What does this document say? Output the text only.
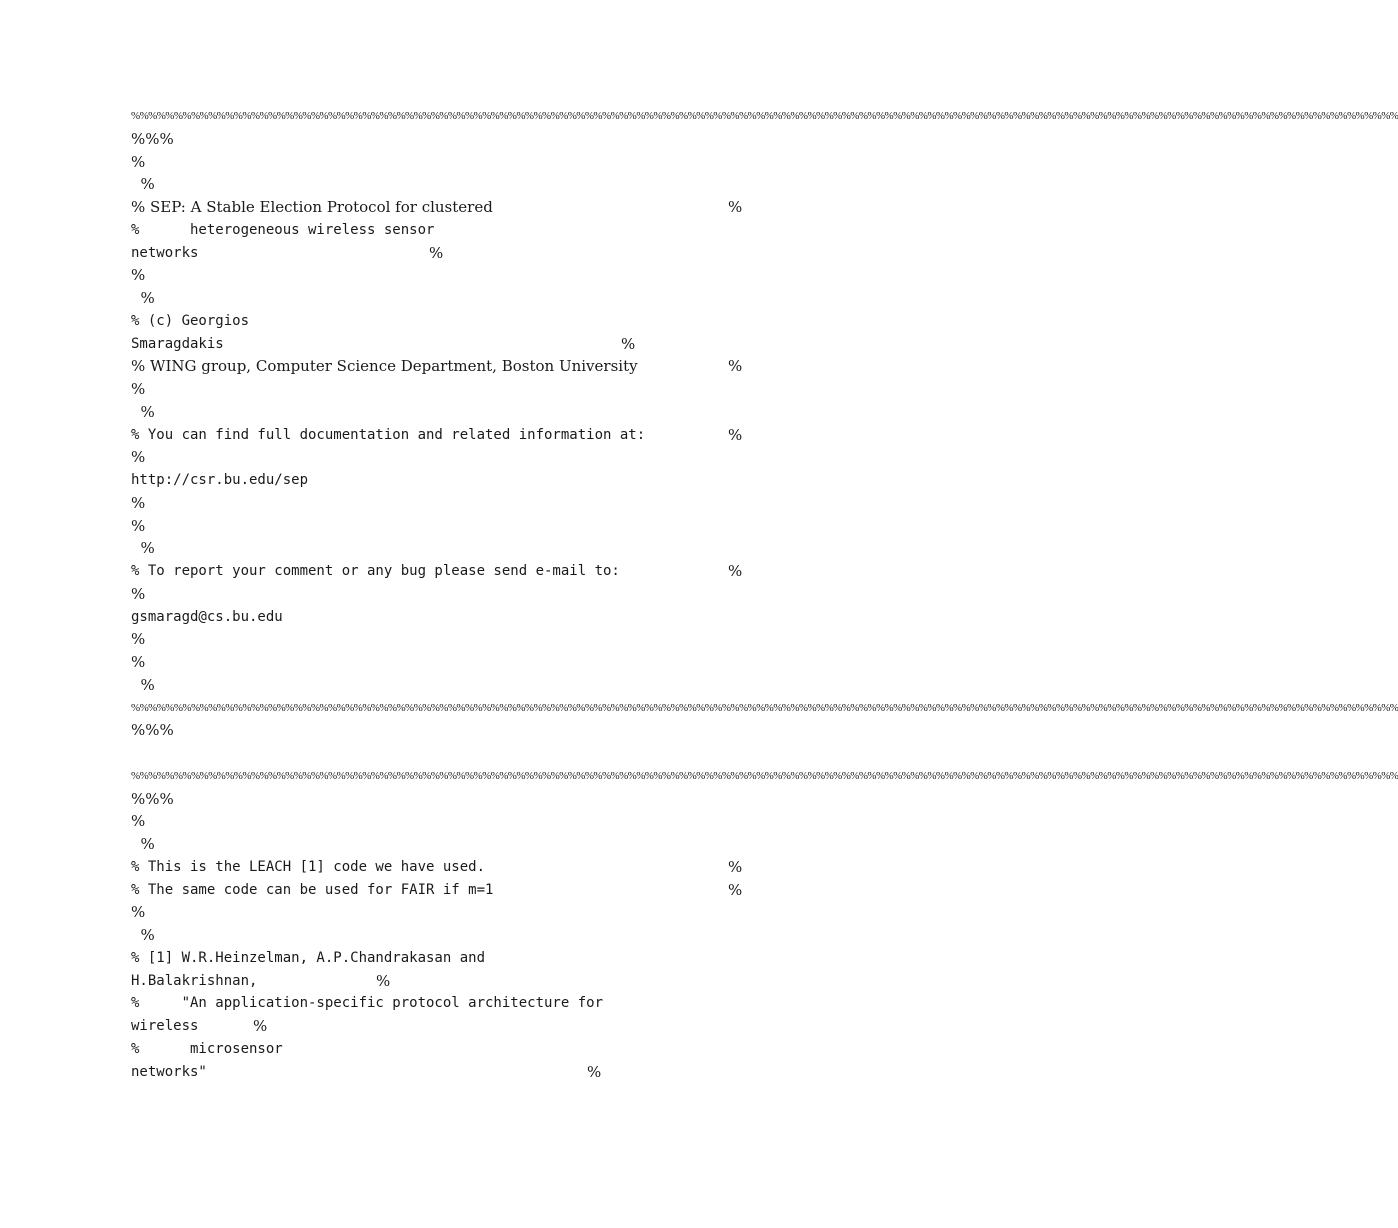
%%%%%%%%%%%%%%%%%%%%%%%%%%%%%%%%%%%%%%%%%%%%%%%%%%%%%%%%%%%%%%%%%%%%%%%%%%%%%%%%%%%%%%%%%%%%%%%%%%%%%%%%%%%%%%%%%%%%%%%%%%%%%%%%%%%%%%%%%%%%%%%%%%%%
%%%
%
%
% SEP: A Stable Election Protocol for clustered	%
%      heterogeneous wireless sensor
networks	%
%
%
% (c) Georgios
Smaragdakis	%
% WING group, Computer Science Department, Boston University	%
%
%
% You can find full documentation and related information at:	%
%
http://csr.bu.edu/sep
%
%
%
% To report your comment or any bug please send e-mail to:	%
%
gsmaragd@cs.bu.edu
%
%
%
%%%%%%%%%%%%%%%%%%%%%%%%%%%%%%%%%%%%%%%%%%%%%%%%%%%%%%%%%%%%%%%%%%%%%%%%%%%%%%%%%%%%%%%%%%%%%%%%%%%%%%%%%%%%%%%%%%%%%%%%%%%%%%%%%%%%%%%%%%%%%%%%%%%%
%%%
%%%%%%%%%%%%%%%%%%%%%%%%%%%%%%%%%%%%%%%%%%%%%%%%%%%%%%%%%%%%%%%%%%%%%%%%%%%%%%%%%%%%%%%%%%%%%%%%%%%%%%%%%%%%%%%%%%%%%%%%%%%%%%%%%%%%%%%%%%%%%%%%%%%%
%%%
%
%
% This is the LEACH [1] code we have used.	%
% The same code can be used for FAIR if m=1	%
%
%
% [1] W.R.Heinzelman, A.P.Chandrakasan and
H.Balakrishnan,	%
%     "An application-specific protocol architecture for
wireless	%
%      microsensor
networks"	%
